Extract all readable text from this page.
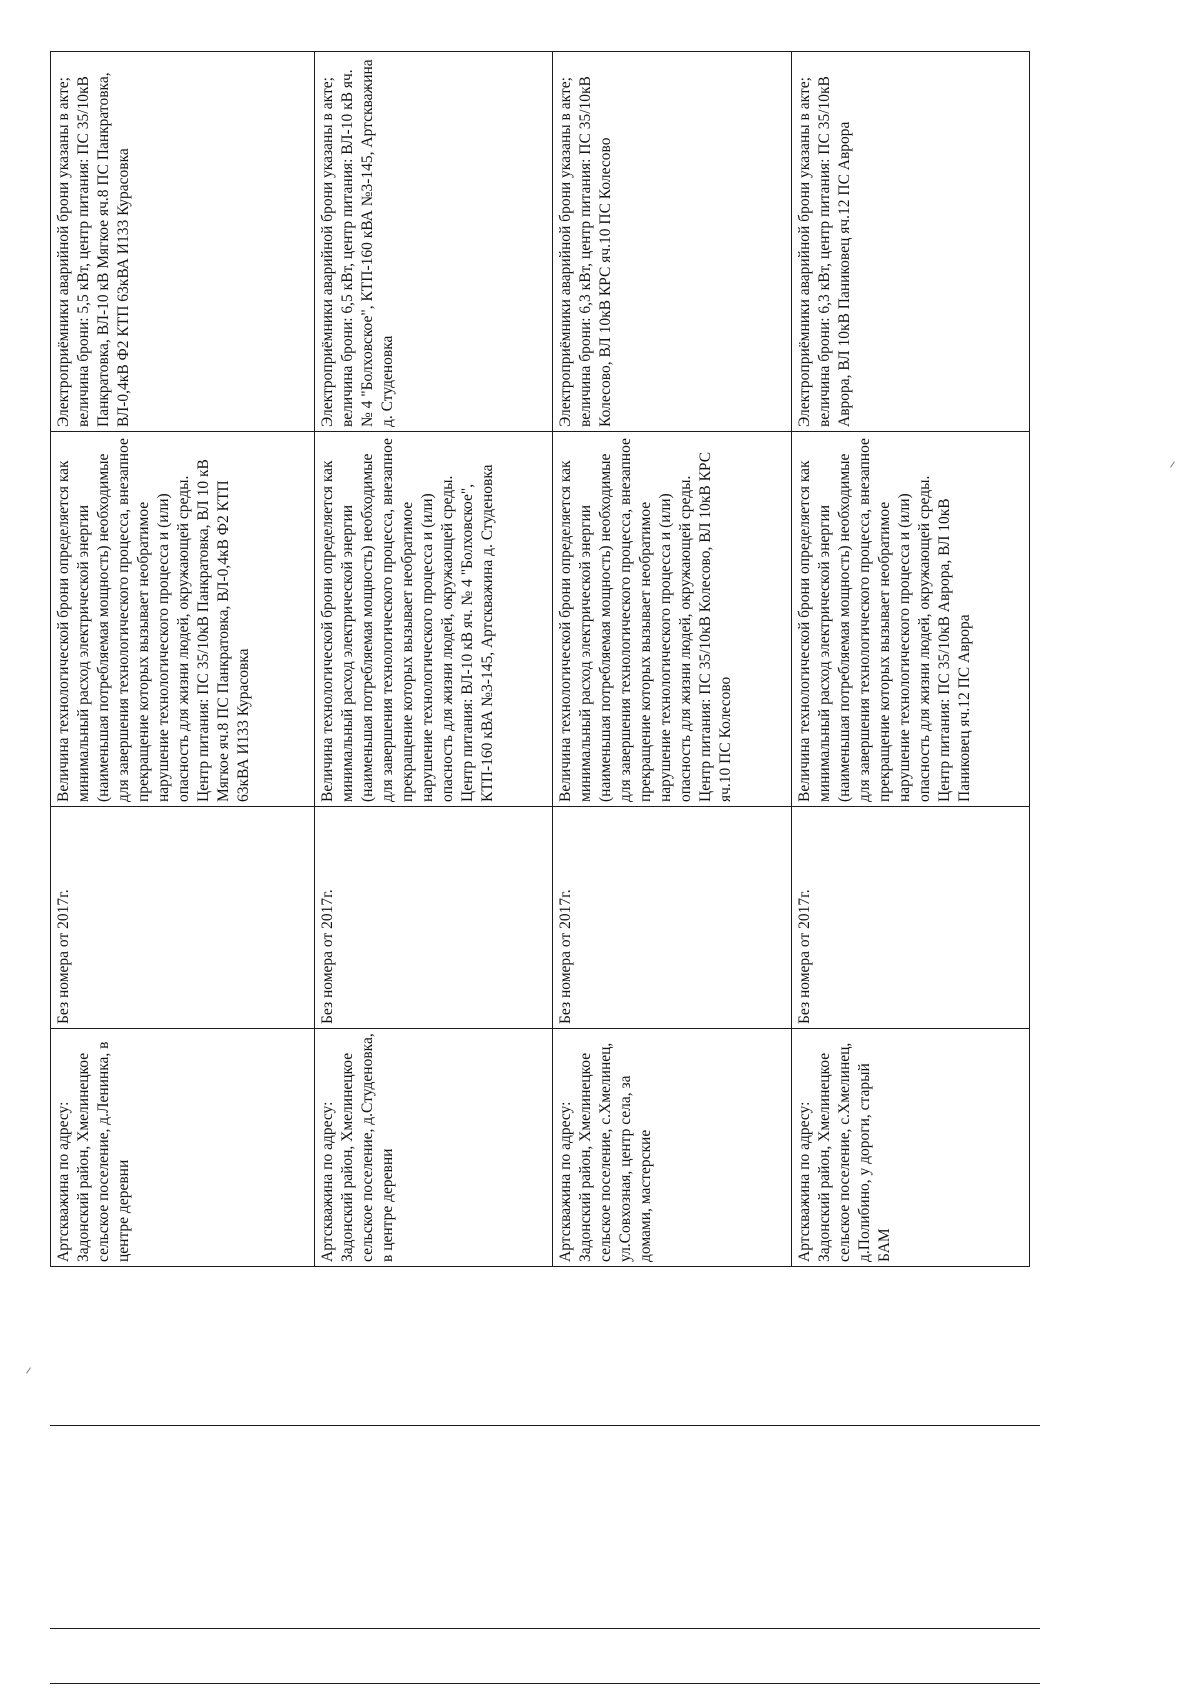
Артскважина по адресу: Задонский район, Хмелинецкое сельское поселение, д.Ленинка, в центре деревни	Без номера от 2017г.	Величина технологической брони определяется как минимальный расход электрической энергии (наименьшая потребляемая мощность) необходимые для завершения технологического процесса, внезапное прекращение которых вызывает необратимое нарушение технологического процесса и (или) опасность для жизни людей, окружающей среды. Центр питания: ПС 35/10кВ Панкратовка, ВЛ 10 кВ Мягкое яч.8 ПС Панкратовка, ВЛ-0,4кВ Ф2 КТП 63кВА И133 Курасовка	Электроприёмники аварийной брони указаны в акте; величина брони: 5,5 кВт, центр питания: ПС 35/10кВ Панкратовка, ВЛ-10 кВ Мягкое яч.8 ПС Панкратовка, ВЛ-0,4кВ Ф2 КТП 63кВА И133 Курасовка
Артскважина по адресу: Задонский район, Хмелинецкое сельское поселение, д.Студеновка, в центре деревни	Без номера от 2017г.	Величина технологической брони определяется как минимальный расход электрической энергии (наименьшая потребляемая мощность) необходимые для завершения технологического процесса, внезапное прекращение которых вызывает необратимое нарушение технологического процесса и (или) опасность для жизни людей, окружающей среды. Центр питания: ВЛ-10 кВ яч. № 4 "Болховское", КТП-160 кВА №3-145, Артскважина д. Студеновка	Электроприёмники аварийной брони указаны в акте; величина брони: 6,5 кВт, центр питания: ВЛ-10 кВ яч. № 4 "Болховское", КТП-160 кВА №3-145, Артскважина д. Студеновка
Артскважина по адресу: Задонский район, Хмелинецкое сельское поселение, с.Хмелинец, ул.Совхозная, центр села, за домами, мастерские	Без номера от 2017г.	Величина технологической брони определяется как минимальный расход электрической энергии (наименьшая потребляемая мощность) необходимые для завершения технологического процесса, внезапное прекращение которых вызывает необратимое нарушение технологического процесса и (или) опасность для жизни людей, окружающей среды. Центр питания: ПС 35/10кВ Колесово, ВЛ 10кВ КРС яч.10 ПС Колесово	Электроприёмники аварийной брони указаны в акте; величина брони: 6,3 кВт, центр питания: ПС 35/10кВ Колесово, ВЛ 10кВ КРС яч.10 ПС Колесово
Артскважина по адресу: Задонский район, Хмелинецкое сельское поселение, с.Хмелинец, д.Полибино, у дороги, старый БАМ	Без номера от 2017г.	Величина технологической брони определяется как минимальный расход электрической энергии (наименьшая потребляемая мощность) необходимые для завершения технологического процесса, внезапное прекращение которых вызывает необратимое нарушение технологического процесса и (или) опасность для жизни людей, окружающей среды. Центр питания: ПС 35/10кВ Аврора, ВЛ 10кВ Паниковец яч.12 ПС Аврора	Электроприёмники аварийной брони указаны в акте; величина брони: 6,3 кВт, центр питания: ПС 35/10кВ Аврора, ВЛ 10кВ Паниковец яч.12 ПС Аврора
